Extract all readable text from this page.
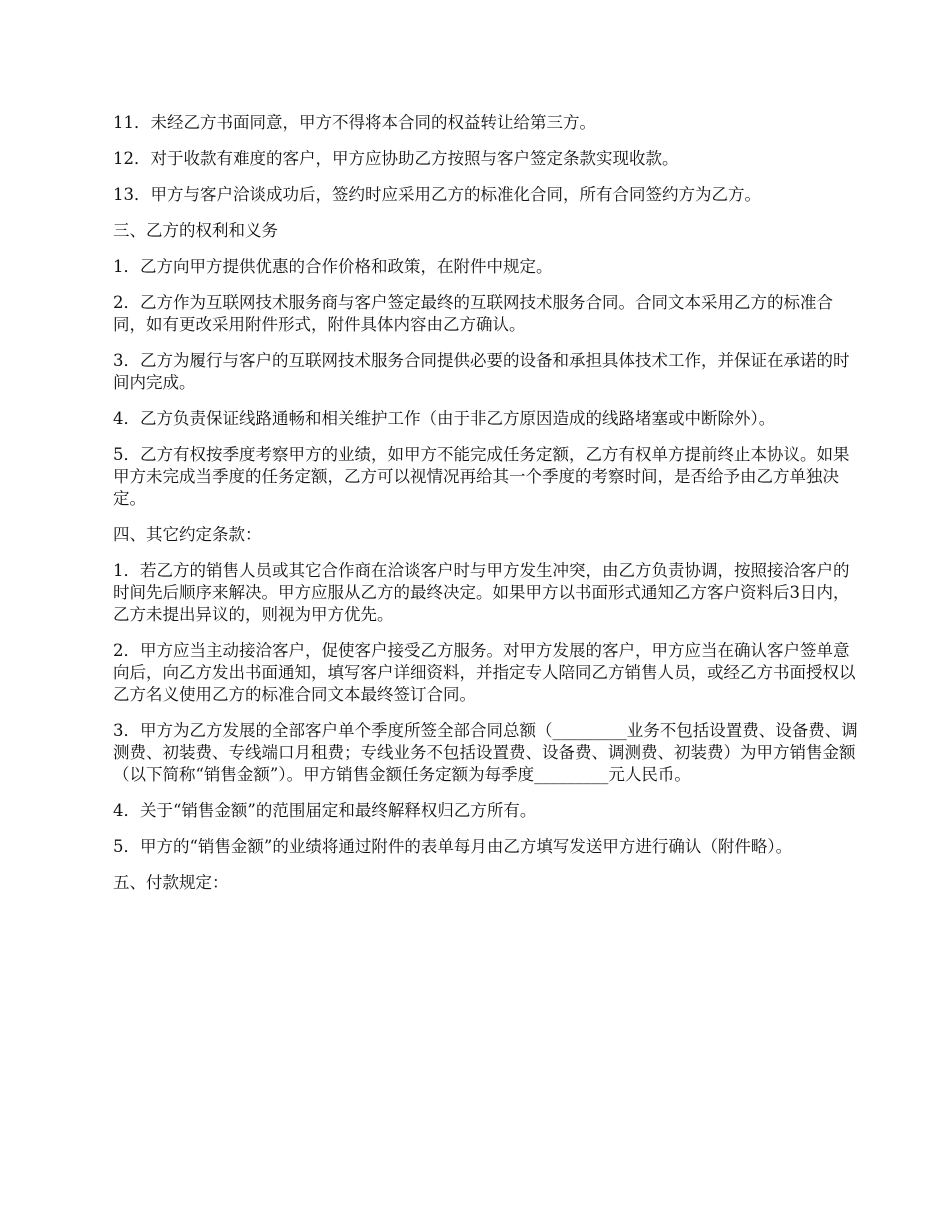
11．未经乙方书面同意，甲方不得将本合同的权益转让给第三方。

12．对于收款有难度的客户，甲方应协助乙方按照与客户签定条款实现收款。

13．甲方与客户洽谈成功后，签约时应采用乙方的标准化合同，所有合同签约方为乙方。

三、乙方的权利和义务

1．乙方向甲方提供优惠的合作价格和政策，在附件中规定。

2．乙方作为互联网技术服务商与客户签定最终的互联网技术服务合同。合同文本采用乙方的标准合同，如有更改采用附件形式，附件具体内容由乙方确认。

3．乙方为履行与客户的互联网技术服务合同提供必要的设备和承担具体技术工作，并保证在承诺的时间内完成。

4．乙方负责保证线路通畅和相关维护工作（由于非乙方原因造成的线路堵塞或中断除外）。

5．乙方有权按季度考察甲方的业绩，如甲方不能完成任务定额，乙方有权单方提前终止本协议。如果甲方未完成当季度的任务定额，乙方可以视情况再给其一个季度的考察时间，是否给予由乙方单独决定。

四、其它约定条款：

1．若乙方的销售人员或其它合作商在洽谈客户时与甲方发生冲突，由乙方负责协调，按照接洽客户的时间先后顺序来解决。甲方应服从乙方的最终决定。如果甲方以书面形式通知乙方客户资料后3日内，乙方未提出异议的，则视为甲方优先。

2．甲方应当主动接洽客户，促使客户接受乙方服务。对甲方发展的客户，甲方应当在确认客户签单意向后，向乙方发出书面通知，填写客户详细资料，并指定专人陪同乙方销售人员，或经乙方书面授权以乙方名义使用乙方的标准合同文本最终签订合同。

3．甲方为乙方发展的全部客户单个季度所签全部合同总额（_________业务不包括设置费、设备费、调测费、初装费、专线端口月租费；专线业务不包括设置费、设备费、调测费、初装费）为甲方销售金额（以下简称“销售金额”）。甲方销售金额任务定额为每季度_________元人民币。

4．关于“销售金额”的范围届定和最终解释权归乙方所有。

5．甲方的“销售金额”的业绩将通过附件的表单每月由乙方填写发送甲方进行确认（附件略）。

五、付款规定：
